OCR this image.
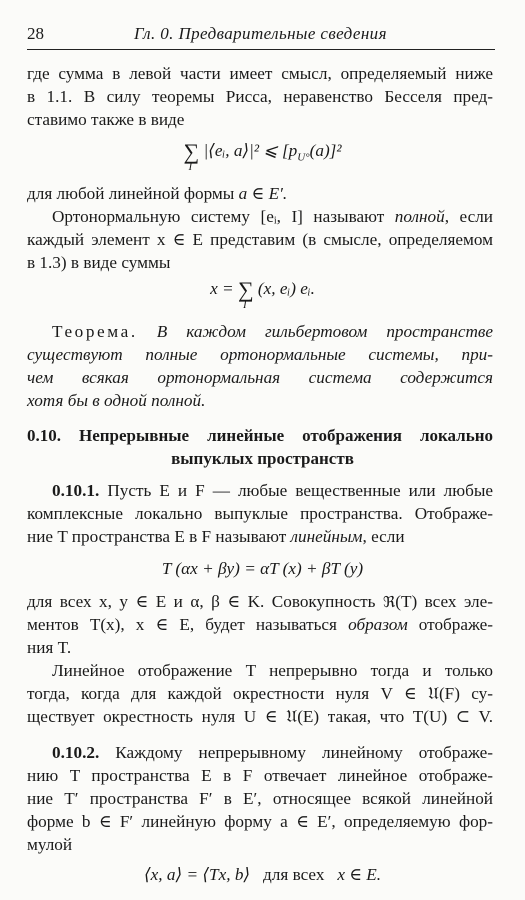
28	Гл. 0. Предварительные сведения
где сумма в левой части имеет смысл, определяемый ниже
в 1.1. В силу теоремы Рисса, неравенство Бесселя пред-
ставимо также в виде
∑
I
|⟨eᵢ, a⟩|² ⩽ $[p_{U^\circ}(a)]^2$
для любой линейной формы a ∈ E′.
Ортонормальную систему [eᵢ, I] называют полной, если
каждый элемент x ∈ E представим (в смысле, определяемом
в 1.3) в виде суммы
x = ∑
I
(x, eᵢ) eᵢ.
Теорема. В каждом гильбертовом пространстве
существуют полные ортонормальные системы, при-
чем всякая ортонормальная система содержится
хотя бы в одной полной.
0.10. Непрерывные линейные отображения локально
выпуклых пространств
0.10.1. Пусть E и F — любые вещественные или любые
комплексные локально выпуклые пространства. Отображе-
ние T пространства E в F называют линейным, если
T (αx + βy) = αT (x) + βT (y)
для всех x, y ∈ E и α, β ∈ K. Совокупность ℜ(T) всех эле-
ментов T(x), x ∈ E, будет называться образом отображе-
ния T.
Линейное отображение T непрерывно тогда и только
тогда, когда для каждой окрестности нуля V ∈ 𝔘(F) су-
ществует окрестность нуля U ∈ 𝔘(E) такая, что T(U) ⊂ V.
0.10.2. Каждому непрерывному линейному отображе-
нию T пространства E в F отвечает линейное отображе-
ние T′ пространства F′ в E′, относящее всякой линейной
форме b ∈ F′ линейную форму a ∈ E′, определяемую фор-
мулой
⟨x, a⟩ = ⟨Tx, b⟩ для всех x ∈ E.
